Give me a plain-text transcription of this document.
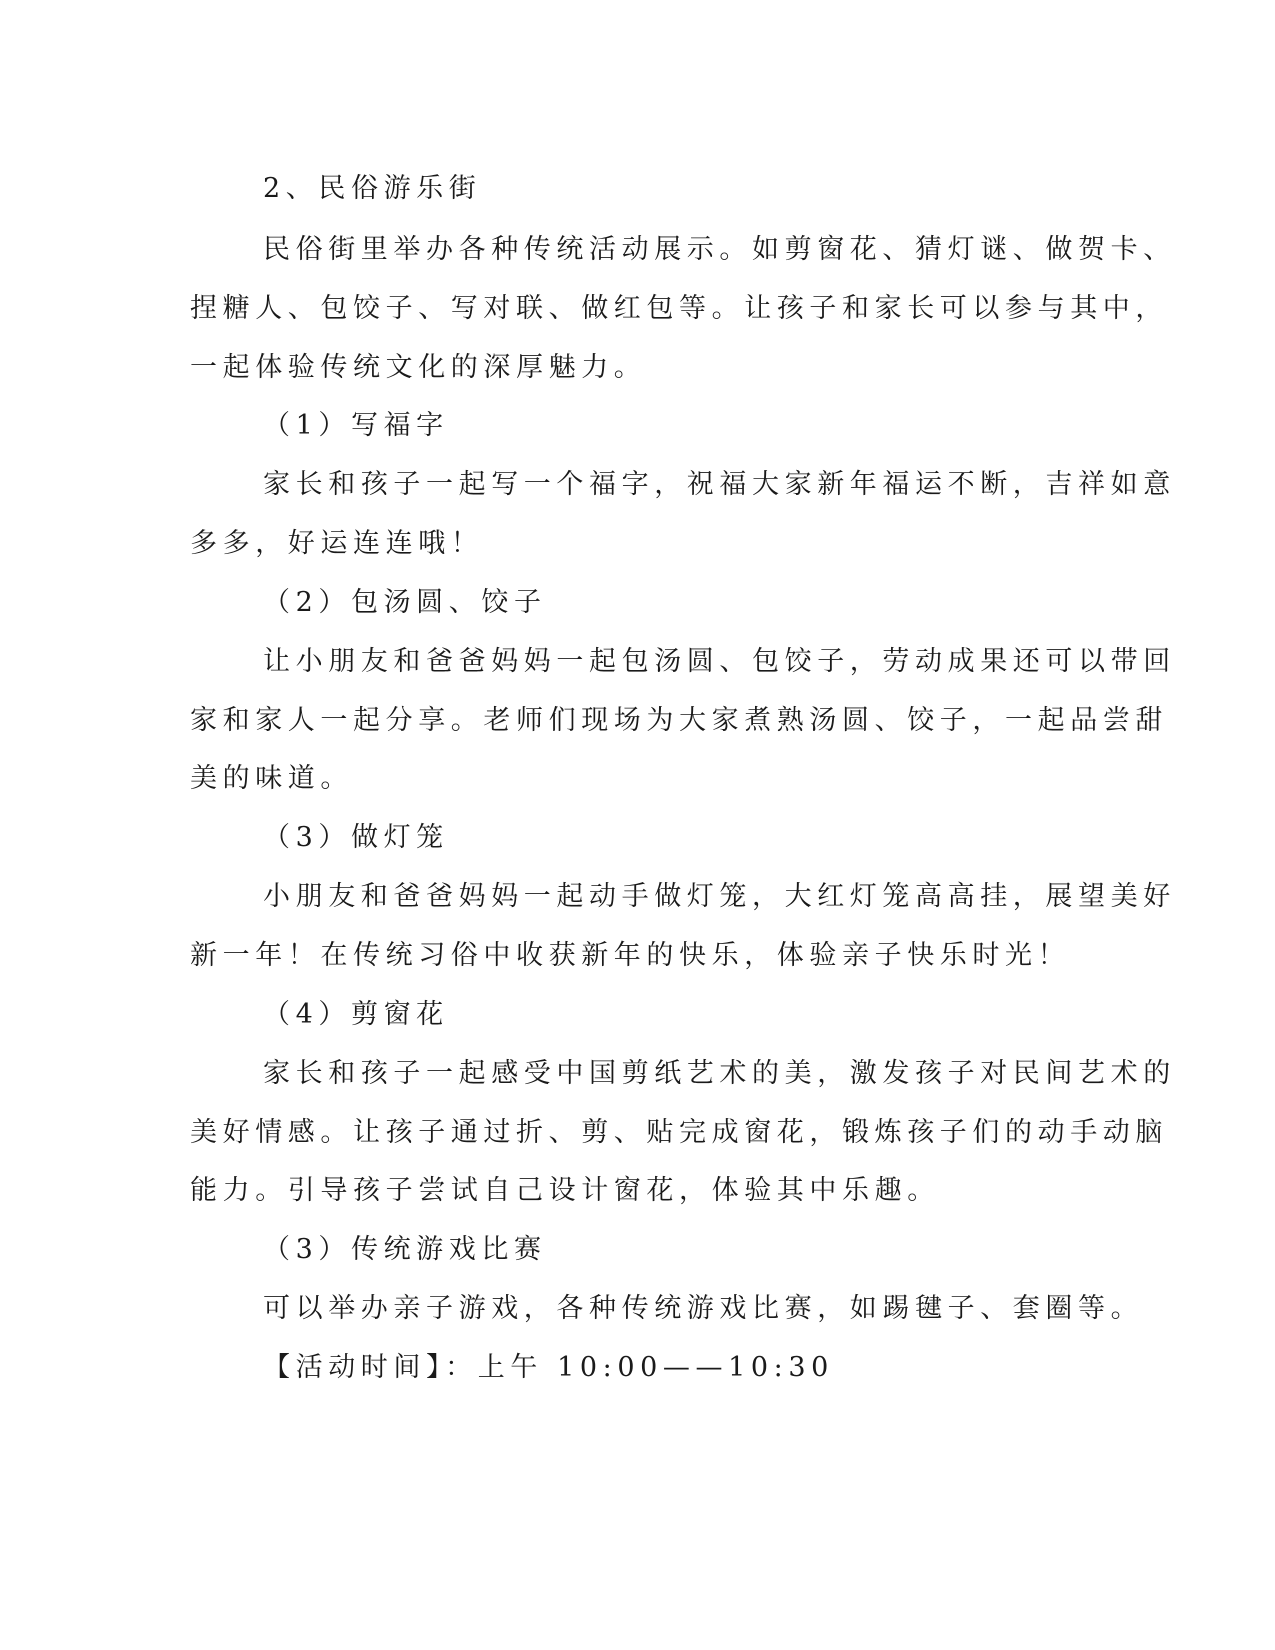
2、民俗游乐街
民俗街里举办各种传统活动展示。如剪窗花、猜灯谜、做贺卡、
捏糖人、包饺子、写对联、做红包等。让孩子和家长可以参与其中，
一起体验传统文化的深厚魅力。
（1）写福字
家长和孩子一起写一个福字，祝福大家新年福运不断，吉祥如意
多多，好运连连哦！
（2）包汤圆、饺子
让小朋友和爸爸妈妈一起包汤圆、包饺子，劳动成果还可以带回
家和家人一起分享。老师们现场为大家煮熟汤圆、饺子，一起品尝甜
美的味道。
（3）做灯笼
小朋友和爸爸妈妈一起动手做灯笼，大红灯笼高高挂，展望美好
新一年！在传统习俗中收获新年的快乐，体验亲子快乐时光！
（4）剪窗花
家长和孩子一起感受中国剪纸艺术的美，激发孩子对民间艺术的
美好情感。让孩子通过折、剪、贴完成窗花，锻炼孩子们的动手动脑
能力。引导孩子尝试自己设计窗花，体验其中乐趣。
（3）传统游戏比赛
可以举办亲子游戏，各种传统游戏比赛，如踢毽子、套圈等。
【活动时间】：上午 10:00——10:30
